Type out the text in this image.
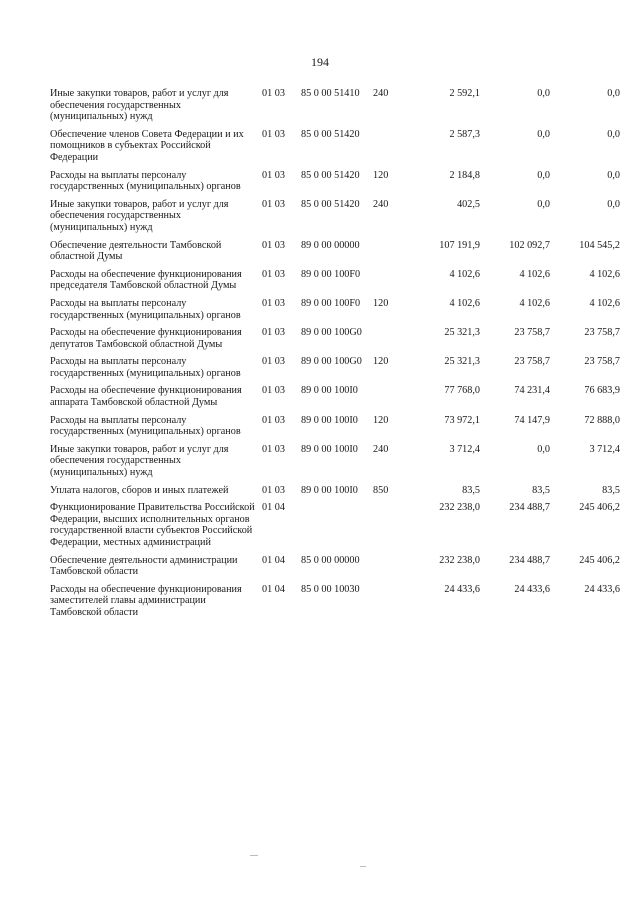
194
Иные закупки товаров, работ и услуг для обеспечения государственных (муниципальных) нужд	01 03	85 0 00 51410	240	2 592,1	0,0	0,0
Обеспечение членов Совета Федерации и их помощников в субъектах Российской Федерации	01 03	85 0 00 51420		2 587,3	0,0	0,0
Расходы на выплаты персоналу государственных (муниципальных) органов	01 03	85 0 00 51420	120	2 184,8	0,0	0,0
Иные закупки товаров, работ и услуг для обеспечения государственных (муниципальных) нужд	01 03	85 0 00 51420	240	402,5	0,0	0,0
Обеспечение деятельности Тамбовской областной Думы	01 03	89 0 00 00000		107 191,9	102 092,7	104 545,2
Расходы на обеспечение функционирования председателя Тамбовской областной Думы	01 03	89 0 00 100F0		4 102,6	4 102,6	4 102,6
Расходы на выплаты персоналу государственных (муниципальных) органов	01 03	89 0 00 100F0	120	4 102,6	4 102,6	4 102,6
Расходы на обеспечение функционирования депутатов Тамбовской областной Думы	01 03	89 0 00 100G0		25 321,3	23 758,7	23 758,7
Расходы на выплаты персоналу государственных (муниципальных) органов	01 03	89 0 00 100G0	120	25 321,3	23 758,7	23 758,7
Расходы на обеспечение функционирования аппарата Тамбовской областной Думы	01 03	89 0 00 100I0		77 768,0	74 231,4	76 683,9
Расходы на выплаты персоналу государственных (муниципальных) органов	01 03	89 0 00 100I0	120	73 972,1	74 147,9	72 888,0
Иные закупки товаров, работ и услуг для обеспечения государственных (муниципальных) нужд	01 03	89 0 00 100I0	240	3 712,4	0,0	3 712,4
Уплата налогов, сборов и иных платежей	01 03	89 0 00 100I0	850	83,5	83,5	83,5
Функционирование Правительства Российской Федерации, высших исполнительных органов государственной власти субъектов Российской Федерации, местных администраций	01 04			232 238,0	234 488,7	245 406,2
Обеспечение деятельности администрации Тамбовской области	01 04	85 0 00 00000		232 238,0	234 488,7	245 406,2
Расходы на обеспечение функционирования заместителей главы администрации Тамбовской области	01 04	85 0 00 10030		24 433,6	24 433,6	24 433,6
